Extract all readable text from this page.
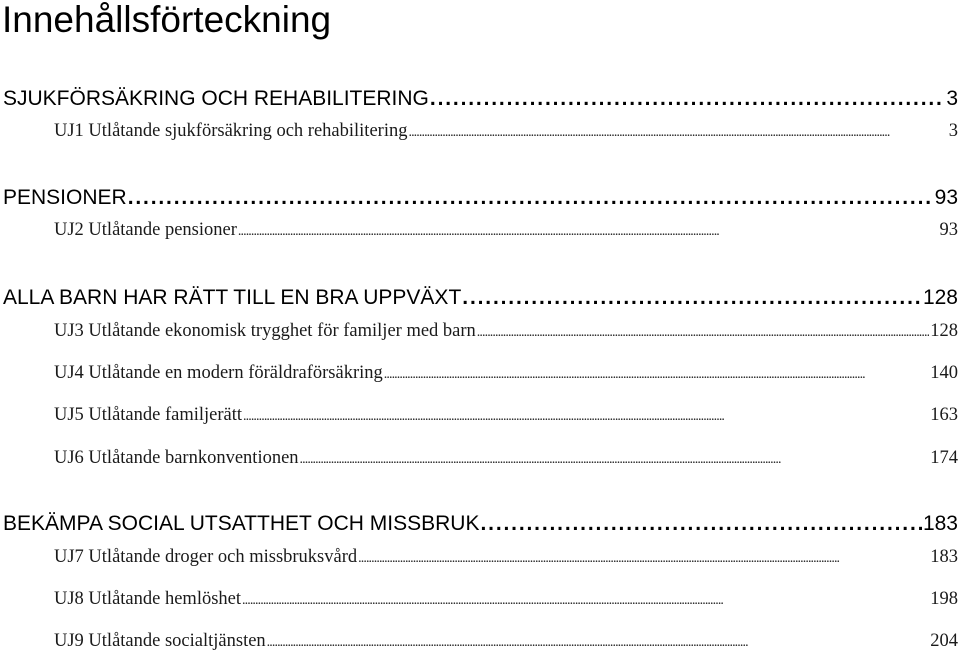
Innehållsförteckning
SJUKFÖRSÄKRING OCH REHABILITERING . . .	3
UJ1 Utlåtande sjukförsäkring och rehabilitering . . .	3
PENSIONER . . .	93
UJ2 Utlåtande pensioner . . .	93
ALLA BARN HAR RÄTT TILL EN BRA UPPVÄXT . . .	128
UJ3 Utlåtande ekonomisk trygghet för familjer med barn . . .	128
UJ4 Utlåtande en modern föräldraförsäkring . . .	140
UJ5 Utlåtande familjerätt . . .	163
UJ6 Utlåtande barnkonventionen . . .	174
BEKÄMPA SOCIAL UTSATTHET OCH MISSBRUK . . .	183
UJ7 Utlåtande droger och missbruksvård . . .	183
UJ8 Utlåtande hemlöshet . . .	198
UJ9 Utlåtande socialtjänsten . . .	204
